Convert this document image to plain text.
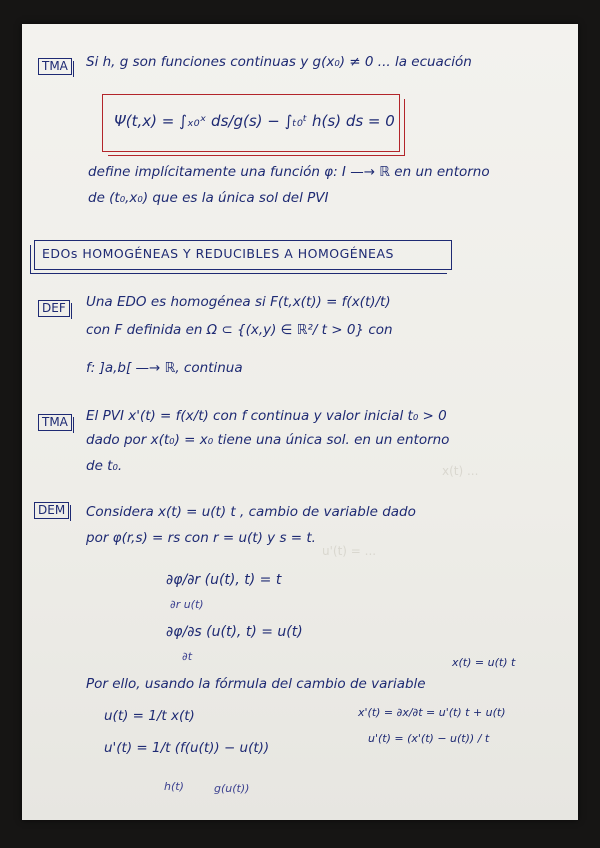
u'(t) = ...
x(t) ...
TMA Si h, g son funciones continuas y g(x₀) ≠ 0 ... la ecuación
Ψ(t,x) = ∫ₓ₀ˣ ds/g(s) − ∫ₜ₀ᵗ h(s) ds = 0
define implícitamente una función φ: I —→ ℝ en un entorno
de (t₀,x₀) que es la única sol del PVI
EDOs HOMOGÉNEAS Y REDUCIBLES A HOMOGÉNEAS
DEF Una EDO es homogénea si F(t,x(t)) = f(x(t)/t)
con F definida en Ω ⊂ {(x,y) ∈ ℝ²/ t > 0} con
f: ]a,b[ —→ ℝ, continua
TMA El PVI x'(t) = f(x/t) con f continua y valor inicial t₀ > 0
dado por x(t₀) = x₀ tiene una única sol. en un entorno
de t₀.
DEM Considera x(t) = u(t) t , cambio de variable dado
por φ(r,s) = rs con r = u(t) y s = t.
∂φ/∂r (u(t), t) = t
∂r u(t)
∂φ/∂s (u(t), t) = u(t)
∂t	x(t) = u(t) t
Por ello, usando la fórmula del cambio de variable
u(t) = 1/t x(t)
u'(t) = 1/t (f(u(t)) − u(t))
x'(t) = ∂x/∂t = u'(t) t + u(t)
u'(t) = (x'(t) − u(t)) / t
h(t)	g(u(t))
